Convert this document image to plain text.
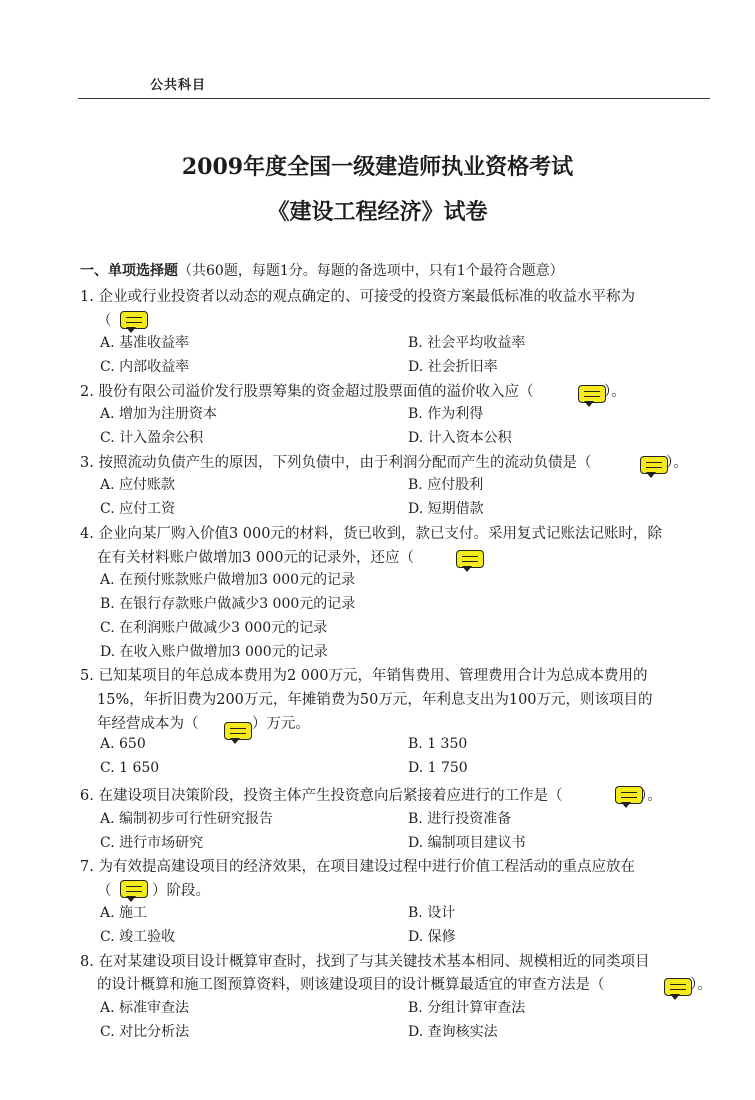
公共科目
2009年度全国一级建造师执业资格考试
《建设工程经济》试卷
一、单项选择题（共60题，每题1分。每题的备选项中，只有1个最符合题意）
1. 企业或行业投资者以动态的观点确定的、可接受的投资方案最低标准的收益水平称为
（
A. 基准收益率	B. 社会平均收益率
C. 内部收益率	D. 社会折旧率
2. 股份有限公司溢价发行股票筹集的资金超过股票面值的溢价收入应（	）。
A. 增加为注册资本	B. 作为利得
C. 计入盈余公积	D. 计入资本公积
3. 按照流动负债产生的原因，下列负债中，由于利润分配而产生的流动负债是（	）。
A. 应付账款	B. 应付股利
C. 应付工资	D. 短期借款
4. 企业向某厂购入价值3 000元的材料，货已收到，款已支付。采用复式记账法记账时，除
在有关材料账户做增加3 000元的记录外，还应（
A. 在预付账款账户做增加3 000元的记录
B. 在银行存款账户做减少3 000元的记录
C. 在利润账户做减少3 000元的记录
D. 在收入账户做增加3 000元的记录
5. 已知某项目的年总成本费用为2 000万元，年销售费用、管理费用合计为总成本费用的
15%，年折旧费为200万元，年摊销费为50万元，年利息支出为100万元，则该项目的
年经营成本为（	）万元。
A. 650	B. 1 350
C. 1 650	D. 1 750
6. 在建设项目决策阶段，投资主体产生投资意向后紧接着应进行的工作是（	）。
A. 编制初步可行性研究报告	B. 进行投资准备
C. 进行市场研究	D. 编制项目建议书
7. 为有效提高建设项目的经济效果，在项目建设过程中进行价值工程活动的重点应放在
（	）阶段。
A. 施工	B. 设计
C. 竣工验收	D. 保修
8. 在对某建设项目设计概算审查时，找到了与其关键技术基本相同、规模相近的同类项目
的设计概算和施工图预算资料，则该建设项目的设计概算最适宜的审查方法是（	）。
A. 标准审查法	B. 分组计算审查法
C. 对比分析法	D. 查询核实法
